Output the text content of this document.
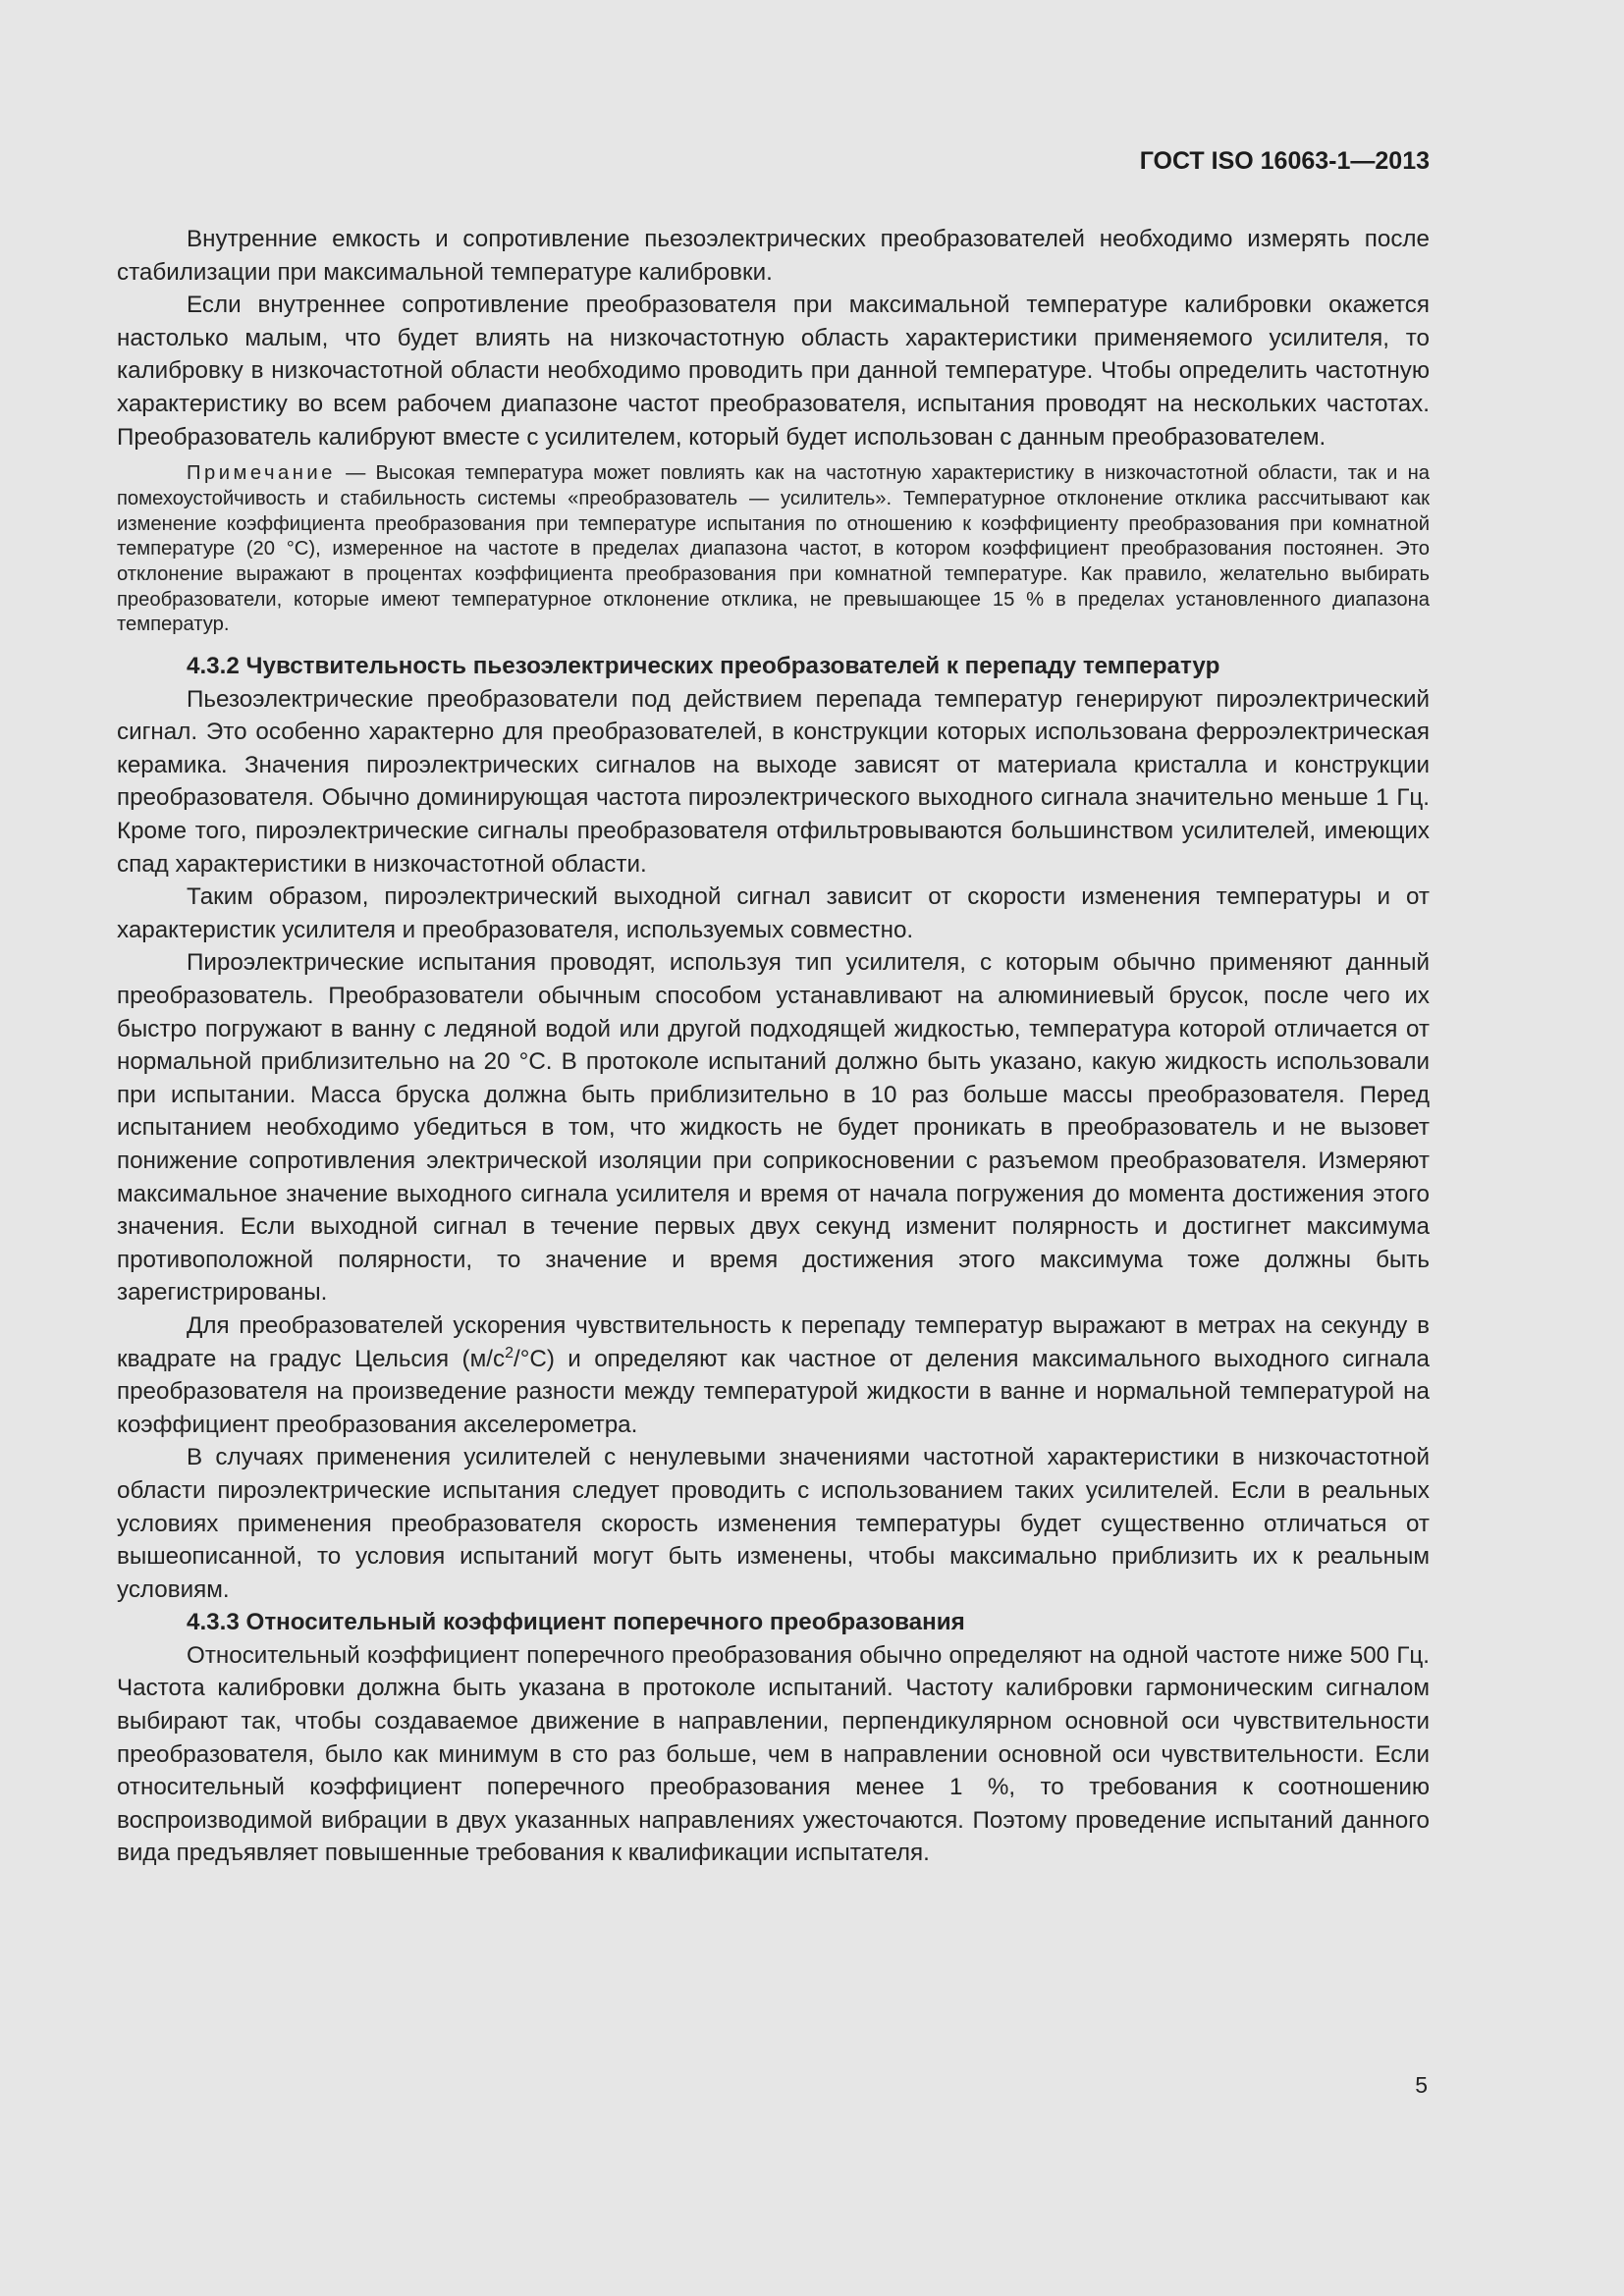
ГОСТ ISO 16063-1—2013

Внутренние емкость и сопротивление пьезоэлектрических преобразователей необходимо измерять после стабилизации при максимальной температуре калибровки.

Если внутреннее сопротивление преобразователя при максимальной температуре калибровки окажется настолько малым, что будет влиять на низкочастотную область характеристики применяемого усилителя, то калибровку в низкочастотной области необходимо проводить при данной температуре. Чтобы определить частотную характеристику во всем рабочем диапазоне частот преобразователя, испытания проводят на нескольких частотах. Преобразователь калибруют вместе с усилителем, который будет использован с данным преобразователем.

Примечание — Высокая температура может повлиять как на частотную характеристику в низкочастотной области, так и на помехоустойчивость и стабильность системы «преобразователь — усилитель». Температурное отклонение отклика рассчитывают как изменение коэффициента преобразования при температуре испытания по отношению к коэффициенту преобразования при комнатной температуре (20 °С), измеренное на частоте в пределах диапазона частот, в котором коэффициент преобразования постоянен. Это отклонение выражают в процентах коэффициента преобразования при комнатной температуре. Как правило, желательно выбирать преобразователи, которые имеют температурное отклонение отклика, не превышающее 15 % в пределах установленного диапазона температур.

4.3.2 Чувствительность пьезоэлектрических преобразователей к перепаду температур

Пьезоэлектрические преобразователи под действием перепада температур генерируют пироэлектрический сигнал. Это особенно характерно для преобразователей, в конструкции которых использована ферроэлектрическая керамика. Значения пироэлектрических сигналов на выходе зависят от материала кристалла и конструкции преобразователя. Обычно доминирующая частота пироэлектрического выходного сигнала значительно меньше 1 Гц. Кроме того, пироэлектрические сигналы преобразователя отфильтровываются большинством усилителей, имеющих спад характеристики в низкочастотной области.

Таким образом, пироэлектрический выходной сигнал зависит от скорости изменения температуры и от характеристик усилителя и преобразователя, используемых совместно.

Пироэлектрические испытания проводят, используя тип усилителя, с которым обычно применяют данный преобразователь. Преобразователи обычным способом устанавливают на алюминиевый брусок, после чего их быстро погружают в ванну с ледяной водой или другой подходящей жидкостью, температура которой отличается от нормальной приблизительно на 20 °С. В протоколе испытаний должно быть указано, какую жидкость использовали при испытании. Масса бруска должна быть приблизительно в 10 раз больше массы преобразователя. Перед испытанием необходимо убедиться в том, что жидкость не будет проникать в преобразователь и не вызовет понижение сопротивления электрической изоляции при соприкосновении с разъемом преобразователя. Измеряют максимальное значение выходного сигнала усилителя и время от начала погружения до момента достижения этого значения. Если выходной сигнал в течение первых двух секунд изменит полярность и достигнет максимума противоположной полярности, то значение и время достижения этого максимума тоже должны быть зарегистрированы.

Для преобразователей ускорения чувствительность к перепаду температур выражают в метрах на секунду в квадрате на градус Цельсия $(м/с^2/^\circ С)$ и определяют как частное от деления максимального выходного сигнала преобразователя на произведение разности между температурой жидкости в ванне и нормальной температурой на коэффициент преобразования акселерометра.

В случаях применения усилителей с ненулевыми значениями частотной характеристики в низкочастотной области пироэлектрические испытания следует проводить с использованием таких усилителей. Если в реальных условиях применения преобразователя скорость изменения температуры будет существенно отличаться от вышеописанной, то условия испытаний могут быть изменены, чтобы максимально приблизить их к реальным условиям.

4.3.3 Относительный коэффициент поперечного преобразования

Относительный коэффициент поперечного преобразования обычно определяют на одной частоте ниже 500 Гц. Частота калибровки должна быть указана в протоколе испытаний. Частоту калибровки гармоническим сигналом выбирают так, чтобы создаваемое движение в направлении, перпендикулярном основной оси чувствительности преобразователя, было как минимум в сто раз больше, чем в направлении основной оси чувствительности. Если относительный коэффициент поперечного преобразования менее 1 %, то требования к соотношению воспроизводимой вибрации в двух указанных направлениях ужесточаются. Поэтому проведение испытаний данного вида предъявляет повышенные требования к квалификации испытателя.

5
